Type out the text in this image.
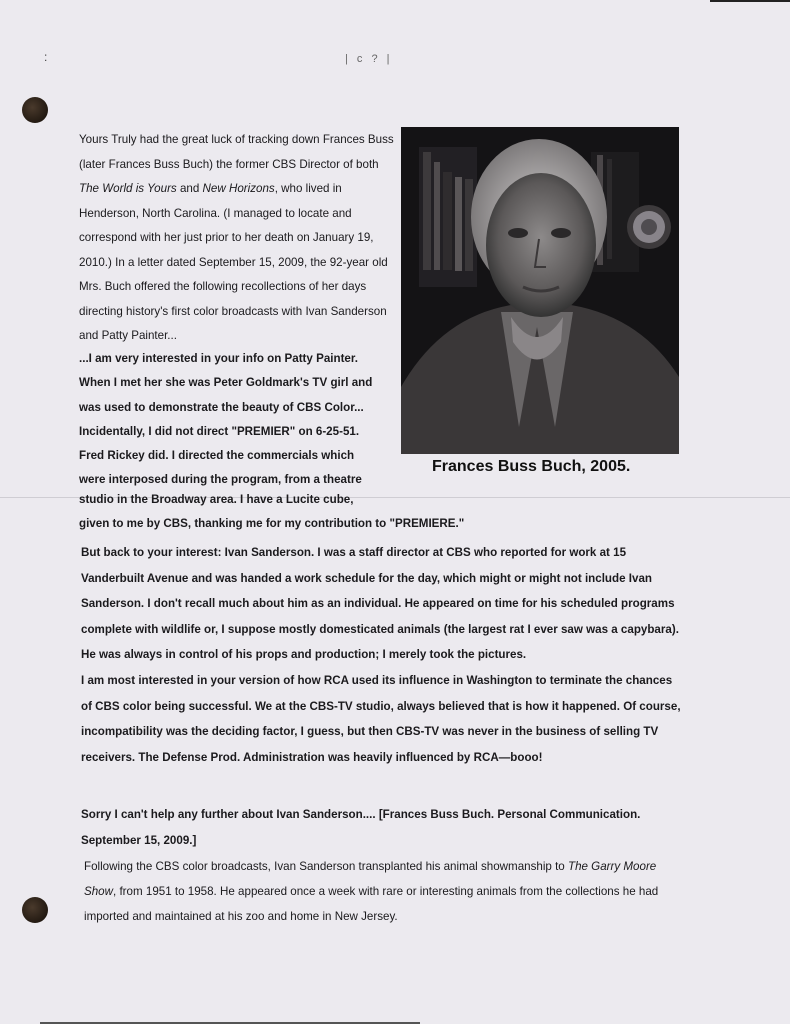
:	| c ? |

Yours Truly had the great luck of tracking down Frances Buss (later Frances Buss Buch) the former CBS Director of both The World is Yours and New Horizons, who lived in Henderson, North Carolina. (I managed to locate and correspond with her just prior to her death on January 19, 2010.) In a letter dated September 15, 2009, the 92-year old Mrs. Buch offered the following recollections of her days directing history's first color broadcasts with Ivan Sanderson and Patty Painter...

Frances Buss Buch, 2005.
...I am very interested in your info on Patty Painter.
When I met her she was Peter Goldmark's TV girl and
was used to demonstrate the beauty of CBS Color...
Incidentally, I did not direct "PREMIER" on 6-25-51.
Fred Rickey did. I directed the commercials which
were interposed during the program, from a theatre
studio in the Broadway area. I have a Lucite cube,
given to me by CBS, thanking me for my contribution to "PREMIERE."

But back to your interest: Ivan Sanderson. I was a staff director at CBS who reported for work at 15 Vanderbuilt Avenue and was handed a work schedule for the day, which might or might not include Ivan Sanderson. I don't recall much about him as an individual. He appeared on time for his scheduled programs complete with wildlife or, I suppose mostly domesticated animals (the largest rat I ever saw was a capybara). He was always in control of his props and production; I merely took the pictures.

I am most interested in your version of how RCA used its influence in Washington to terminate the chances of CBS color being successful. We at the CBS-TV studio, always believed that is how it happened. Of course, incompatibility was the deciding factor, I guess, but then CBS-TV was never in the business of selling TV receivers. The Defense Prod. Administration was heavily influenced by RCA—booo!

Sorry I can't help any further about Ivan Sanderson.... [Frances Buss Buch. Personal Communication. September 15, 2009.]

Following the CBS color broadcasts, Ivan Sanderson transplanted his animal showmanship to The Garry Moore Show, from 1951 to 1958. He appeared once a week with rare or interesting animals from the collections he had imported and maintained at his zoo and home in New Jersey.
